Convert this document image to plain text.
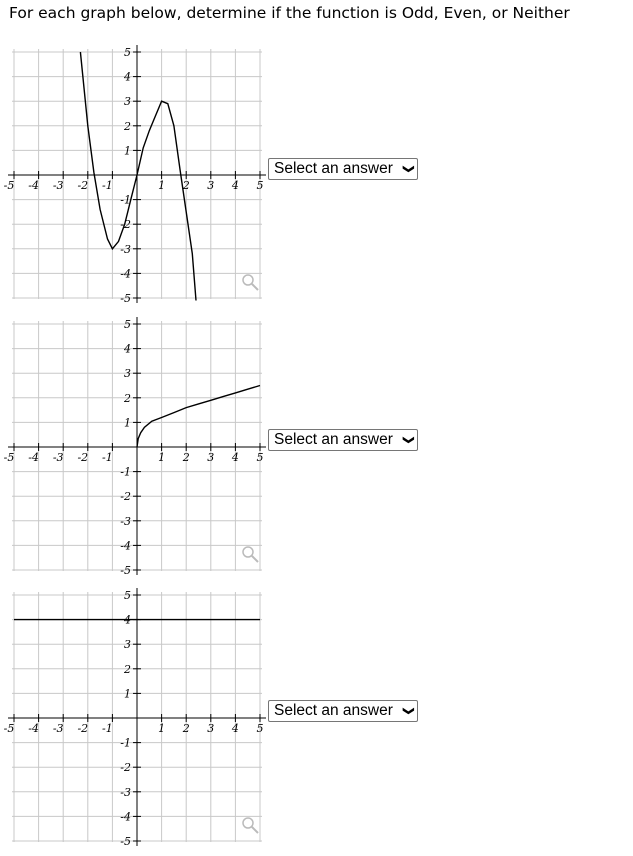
For each graph below, determine if the function is Odd, Even, or Neither
-5 -4 -3 -2 -1	1 2 3 4 5
5
4
3
2
1
-1
-2
-3
-4
-5
Select an answer ❯
-5 -4 -3 -2 -1	1 2 3 4 5
5
4
3
2
1
-1
-2
-3
-4
-5
Select an answer ❯
-5 -4 -3 -2 -1	1 2 3 4 5
5
4
3
2
1
-1
-2
-3
-4
-5
Select an answer ❯
